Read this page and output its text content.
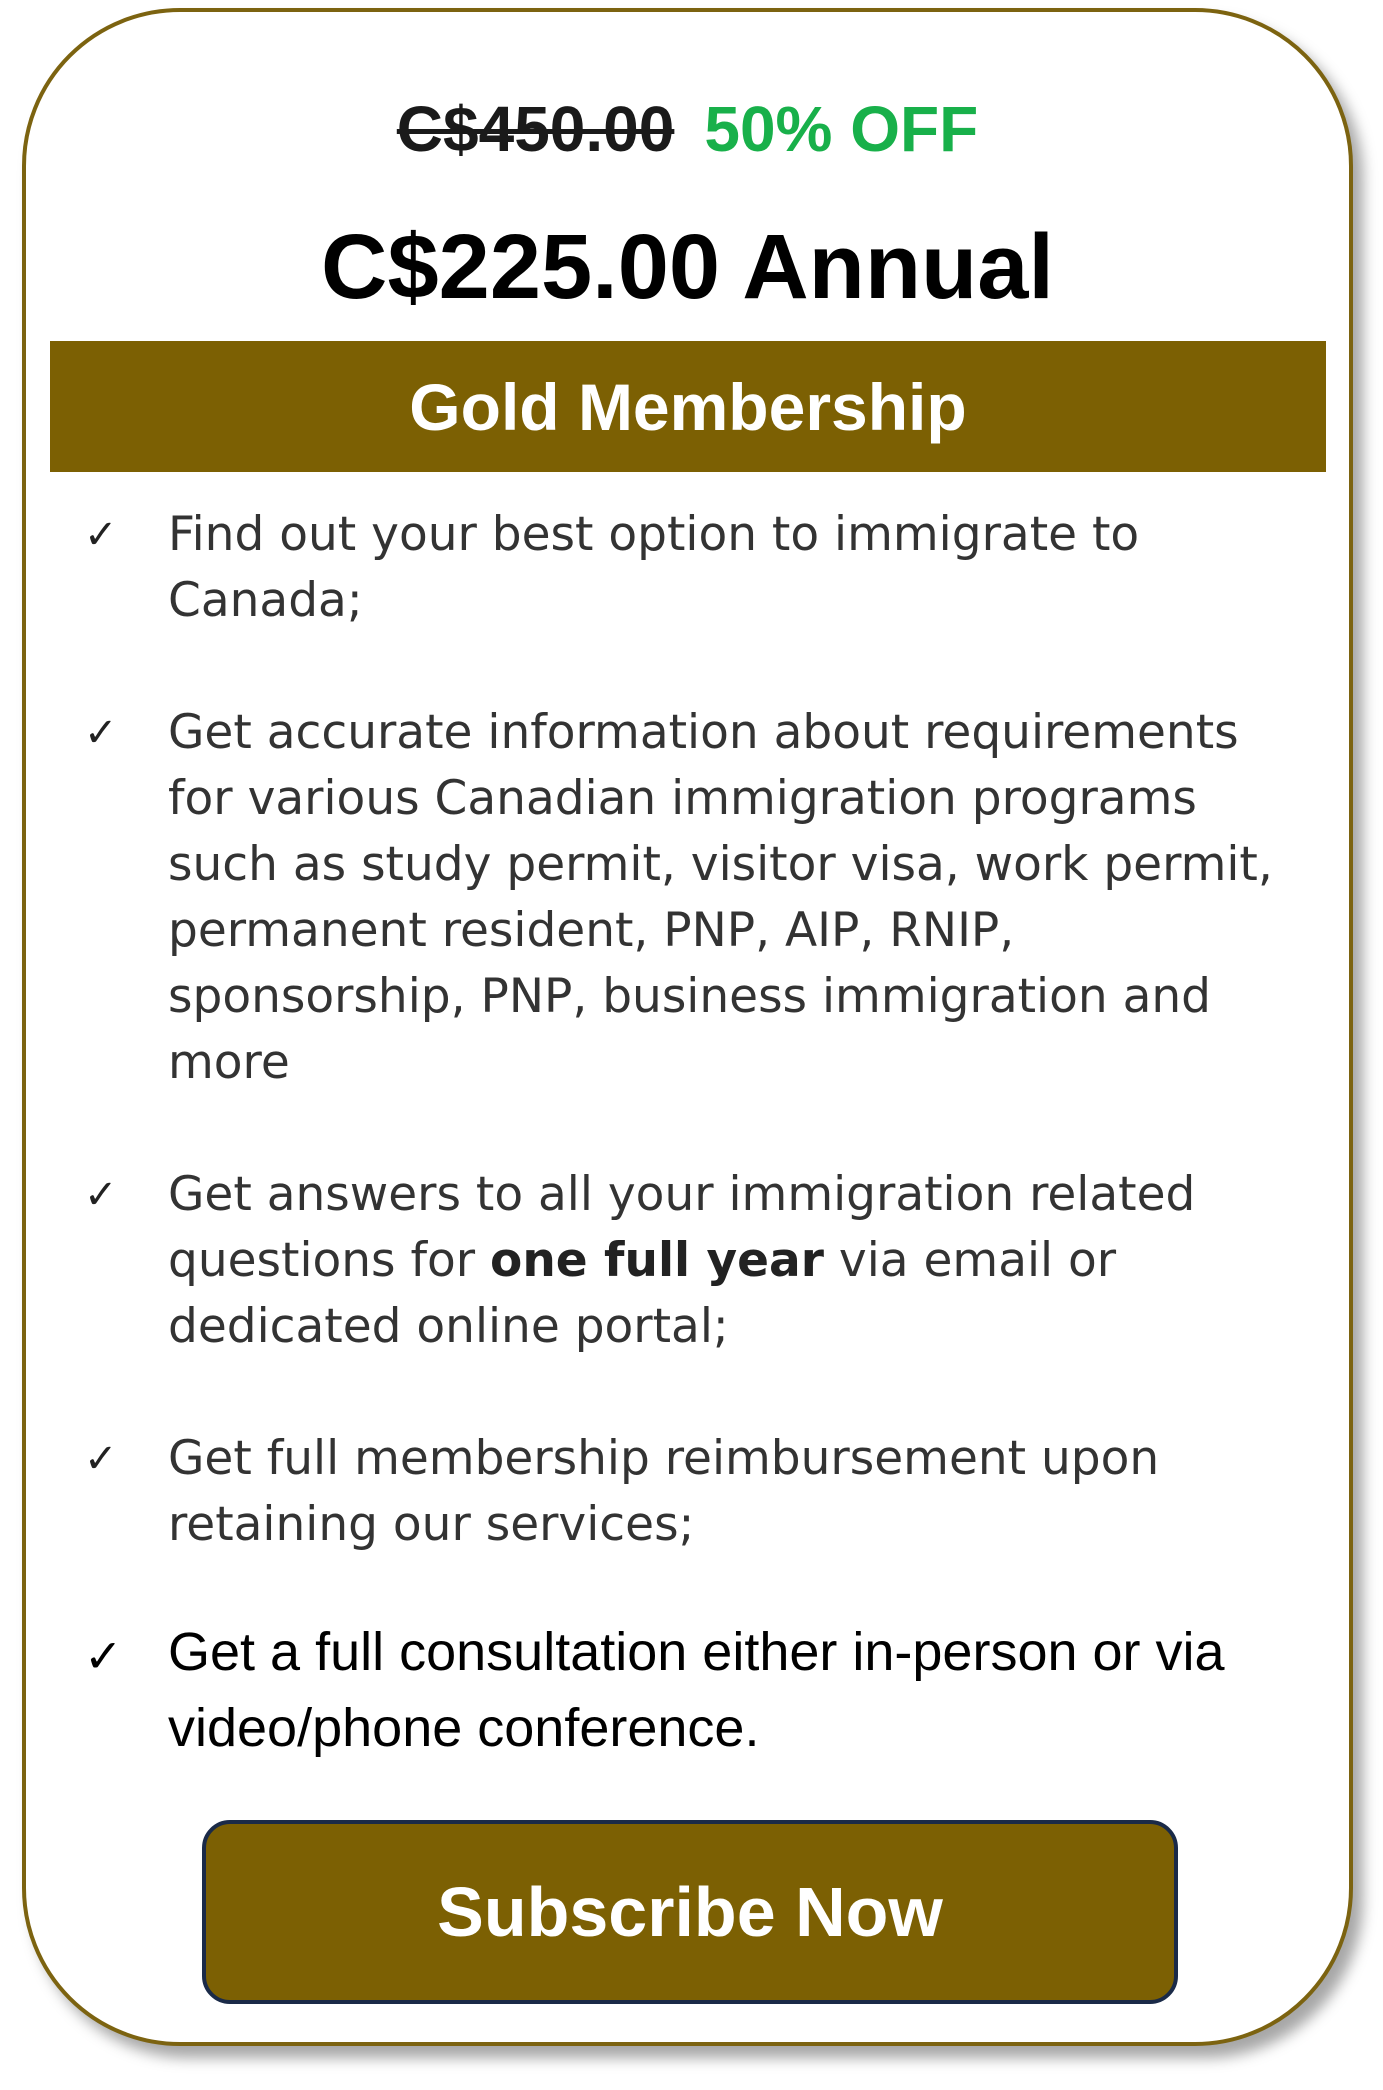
C$450.00 50% OFF
C$225.00 Annual
Gold Membership
✓ Find out your best option to immigrate to Canada;
✓ Get accurate information about requirements for various Canadian immigration programs such as study permit, visitor visa, work permit, permanent resident, PNP, AIP, RNIP, sponsorship, PNP, business immigration and more
✓ Get answers to all your immigration related questions for one full year via email or dedicated online portal;
✓ Get full membership reimbursement upon retaining our services;
✓ Get a full consultation either in-person or via video/phone conference.
Subscribe Now
